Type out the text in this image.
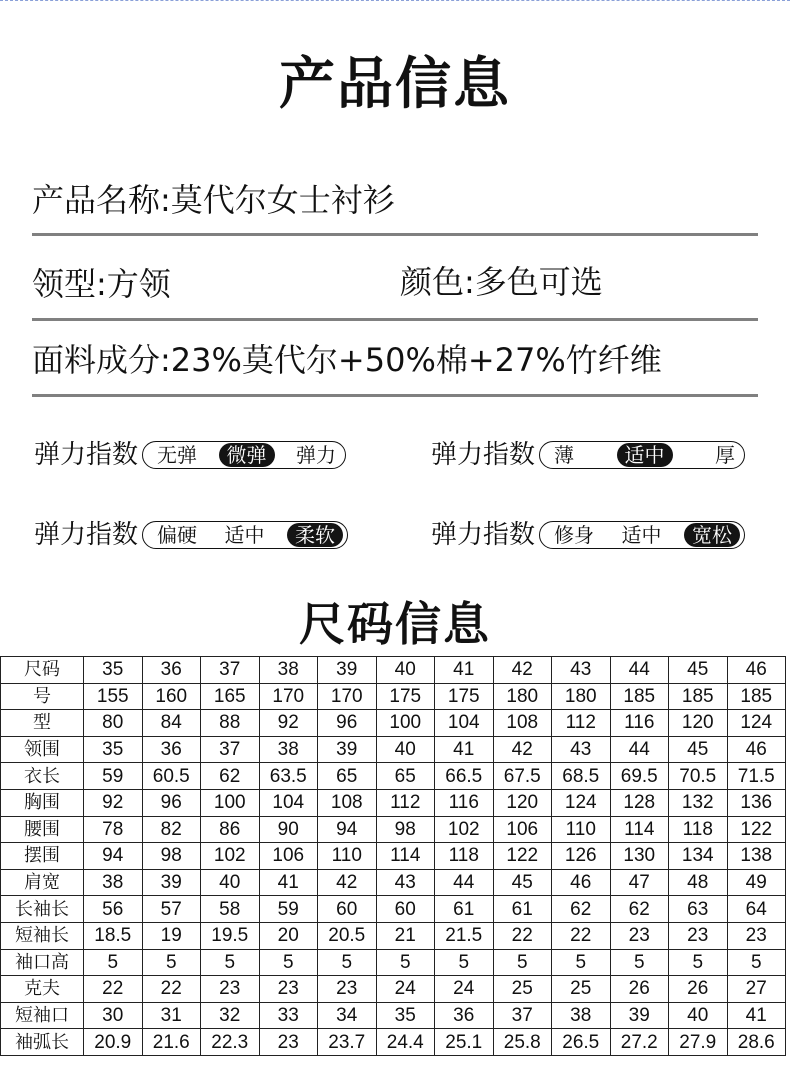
产品信息
产品名称:莫代尔女士衬衫
领型:方领	颜色:多色可选
面料成分:23%莫代尔+50%棉+27%竹纤维
弹力指数 无弹	微弹	弹力	弹力指数 薄	适中	厚
弹力指数 偏硬 适中	柔软	弹力指数 修身 适中	宽松
尺码信息
尺码	35	36	37	38	39	40	41	42	43	44	45	46
号	155	160	165	170	170	175	175	180	180	185	185	185
型	80	84	88	92	96	100	104	108	112	116	120	124
领围	35	36	37	38	39	40	41	42	43	44	45	46
衣长	59	60.5	62	63.5	65	65	66.5	67.5	68.5	69.5	70.5	71.5
胸围	92	96	100	104	108	112	116	120	124	128	132	136
腰围	78	82	86	90	94	98	102	106	110	114	118	122
摆围	94	98	102	106	110	114	118	122	126	130	134	138
肩宽	38	39	40	41	42	43	44	45	46	47	48	49
长袖长	56	57	58	59	60	60	61	61	62	62	63	64
短袖长	18.5	19	19.5	20	20.5	21	21.5	22	22	23	23	23
袖口高	5	5	5	5	5	5	5	5	5	5	5	5
克夫	22	22	23	23	23	24	24	25	25	26	26	27
短袖口	30	31	32	33	34	35	36	37	38	39	40	41
袖弧长	20.9	21.6	22.3	23	23.7	24.4	25.1	25.8	26.5	27.2	27.9	28.6
